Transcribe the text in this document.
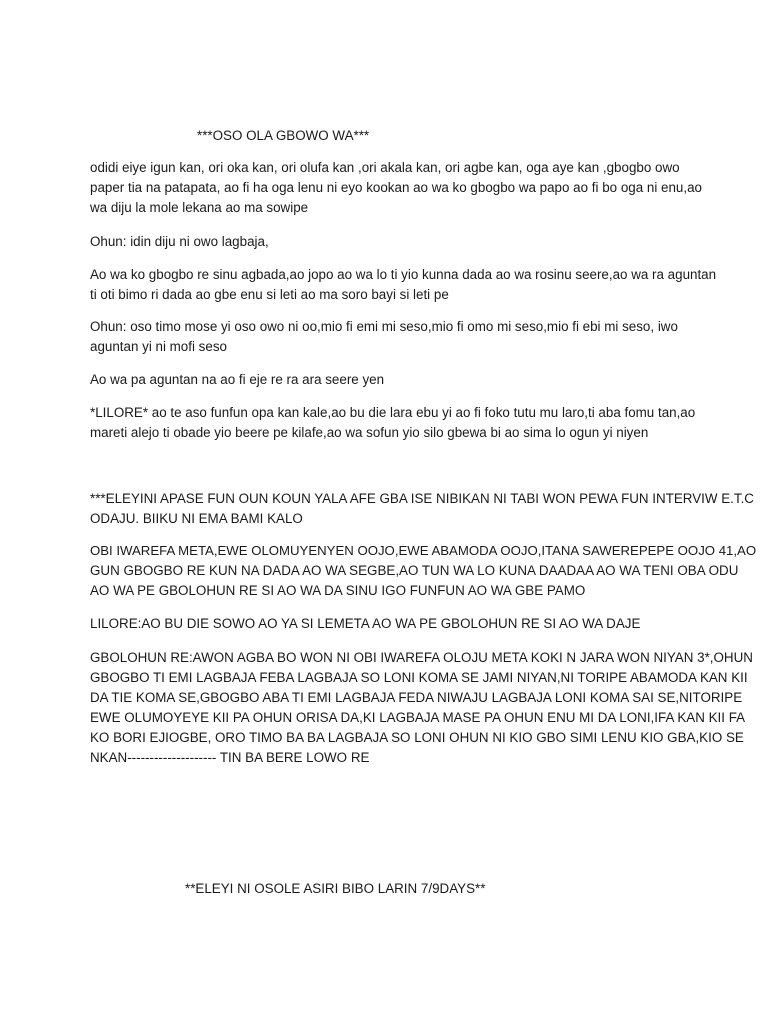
***OSO OLA GBOWO WA***
odidi eiye igun kan, ori oka kan, ori olufa kan ,ori akala kan, ori agbe kan, oga aye kan ,gbogbo owo
paper tia na patapata, ao fi ha oga lenu ni eyo kookan ao wa ko gbogbo wa papo ao fi bo oga ni enu,ao
wa diju la mole lekana ao ma sowipe
Ohun: idin diju ni owo lagbaja,
Ao wa ko gbogbo re sinu agbada,ao jopo ao wa lo ti yio kunna dada ao wa rosinu seere,ao wa ra aguntan
ti oti bimo ri dada ao gbe enu si leti ao ma soro bayi si leti pe
Ohun: oso timo mose yi oso owo ni oo,mio fi emi mi seso,mio fi omo mi seso,mio fi ebi mi seso, iwo
aguntan yi ni mofi seso
Ao wa pa aguntan na ao fi eje re ra ara seere yen
*LILORE* ao te aso funfun opa kan kale,ao bu die lara ebu yi ao fi foko tutu mu laro,ti aba fomu tan,ao
mareti alejo ti obade yio beere pe kilafe,ao wa sofun yio silo gbewa bi ao sima lo ogun yi niyen
***ELEYINI APASE FUN OUN KOUN YALA AFE GBA ISE NIBIKAN NI TABI WON PEWA FUN INTERVIW E.T.C
ODAJU. BIIKU NI EMA BAMI KALO
OBI IWAREFA META,EWE OLOMUYENYEN OOJO,EWE ABAMODA OOJO,ITANA SAWEREPEPE OOJO 41,AO
GUN GBOGBO RE KUN NA DADA AO WA SEGBE,AO TUN WA LO KUNA DAADAA AO WA TENI OBA ODU
AO WA PE GBOLOHUN RE SI AO WA DA SINU IGO FUNFUN AO WA GBE PAMO
LILORE:AO BU DIE SOWO AO YA SI LEMETA AO WA PE GBOLOHUN RE SI AO WA DAJE
GBOLOHUN RE:AWON AGBA BO WON NI OBI IWAREFA OLOJU META KOKI N JARA WON NIYAN 3*,OHUN
GBOGBO TI EMI LAGBAJA FEBA LAGBAJA SO LONI KOMA SE JAMI NIYAN,NI TORIPE ABAMODA KAN KII
DA TIE KOMA SE,GBOGBO ABA TI EMI LAGBAJA FEDA NIWAJU LAGBAJA LONI KOMA SAI SE,NITORIPE
EWE OLUMOYEYE KII PA OHUN ORISA DA,KI LAGBAJA MASE PA OHUN ENU MI DA LONI,IFA KAN KII FA
KO BORI EJIOGBE, ORO TIMO BA BA LAGBAJA SO LONI OHUN NI KIO GBO SIMI LENU KIO GBA,KIO SE
NKAN-------------------- TIN BA BERE LOWO RE
**ELEYI NI OSOLE ASIRI BIBO LARIN 7/9DAYS**
